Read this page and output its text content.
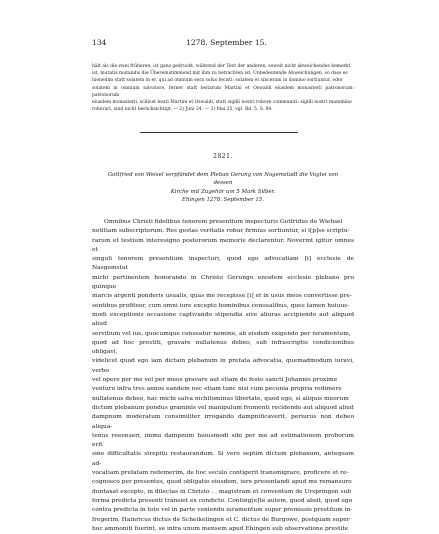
134	1278. September 15.

hält als die zwei früheren, ist ganz gedruckt, während der Text der anderen, soweit nicht abweichendes bemerkt

ist, mutatis mutandis die Übereinstimmend mit ihm zu betrachten ist. Unbedeutende Abweichungen, so dass es

hienedim statt solatem in er, qui ad omnium sera solus fecisti: solatem et sinceram in domino sortiuntur, oder

solatem in omnium salvatore, ferner statt testarum Martini et Oswaldi eiusdem monasterii patronorum: patronorum

eiusdem monasterii, scilicet beati Martini et Oswaldi, statt sigilli nostri robore communiri: sigilli nostri munimine

roborari, sind nicht berücksichtigt. — 2) Juni 24. — 3) Mai 25, vgl. Bd. 5, S. 84.

2821.

Gottfried von Weisel verpfändet dem Pleban Gerung von Nagemstadt die Vogtei von dessen

Kirche mit Zugehör um 5 Mark Silber.

Ehingen 1278. September 15.

Omnibus Christi fidelibus tenorem presentium inspecturis Gotfridus de Wiehsel

notitiam subscriptorum. Res gestas veritatis robur firmius sortiuntur, si i[p]se scriptu-

rarum et testium interesigno posterorum memorie declarentur. Noverint igitur omnes et

singuli tenorem presentium inspecturi, quod ego advocatiam [i] ecclesie de Nasgemstat

michi pertinentem honorando in Christo Gerungo eiusdem ecclesie plebano pro quinque

marcis argenti ponderis usualis, quas me recepisse [i] et in usus meos convertisse pre-

sentibus profiteor, cum omni iure excepto hominibus censualibus, quos tamen huiuus-

modi exceptionis occasione captivando stipendia sive aliuras accipiendo aut aliquod aliud

servitium vel ius, quocumque censeatur nomine, ab eisdem exigendo per iuramentum,

quod ad hoc prestiti, gravare nullatenus debeo, sub infrascriptis condicionibus obligavi,

videlicet quod ego iam dictam plebanum in prefata advocatia, quemadmodum iuravi, verbo

vel opere per me vel per meos gravare aut etiam de festo sancti Johannis proxime

venturo infra tres annos eandem nec etiam tunc nisi cum pecunia propria redimere

nullatenus debeo, hac michi salva nichilominus libertate, quod ego, si aliquis meorum

dictum plebanum pondus graminis vel manipulum frumenti recidendo aut aliquod aliud

dampnum moderatum consimiliter irrogando dampnificaverit, periurus non debeo aliqua-

tenus reeenseri, immo dampnum huiusmodi sibi per me ad estimationem proborum erit

sine difficultatis strepitu restaurandum. Si vero septim dictum plebanum, antequam ad-

vocatiam prefatam redemerim, de hoc seculo contigerit transmigrare, proficere et re-

cognosco per presentes, quod obligatio eiusdem, iure presentandi apud me remansuro

duntaxat excepto, in dilectas in Christo . . magistram et conventum de Urspringen sub

forma predicta presenti transiet ex condicto. Conting[e]te autem, quod absit, quod ego

contra predicta in toto vel in parte veniendo iuramentum super premissis prestitum in-

fregerim, Hainricus dictus de Scheikelingen et C. dictus de Burgowe, postquam super

hoc ammoniti fuerint, se infra unum mensem apud Ehingen sub observatione prestite
